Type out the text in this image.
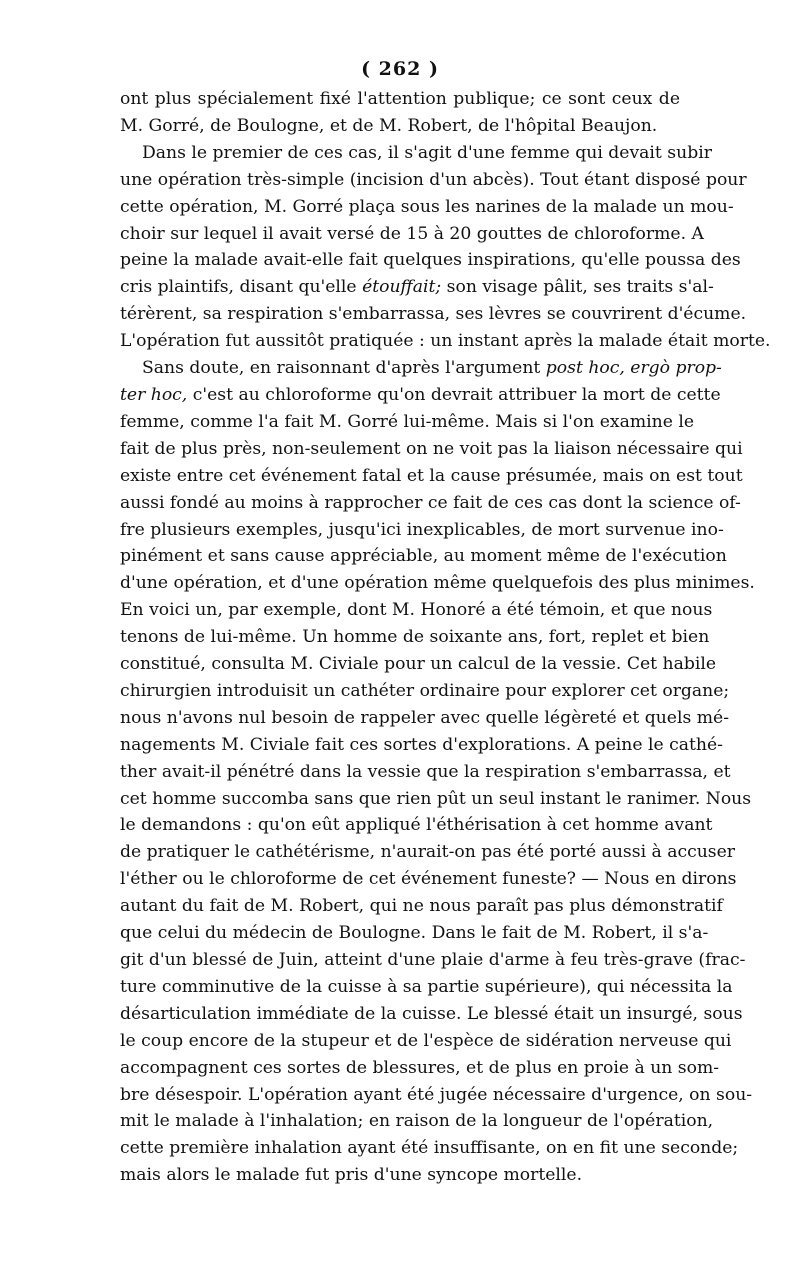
( 262 )
ont plus spécialement fixé l'attention publique; ce sont ceux de
M. Gorré, de Boulogne, et de M. Robert, de l'hôpital Beaujon.
Dans le premier de ces cas, il s'agit d'une femme qui devait subir
une opération très-simple (incision d'un abcès). Tout étant disposé pour
cette opération, M. Gorré plaça sous les narines de la malade un mou-
choir sur lequel il avait versé de 15 à 20 gouttes de chloroforme. A
peine la malade avait-elle fait quelques inspirations, qu'elle poussa des
cris plaintifs, disant qu'elle étouffait; son visage pâlit, ses traits s'al-
térèrent, sa respiration s'embarrassa, ses lèvres se couvrirent d'écume.
L'opération fut aussitôt pratiquée : un instant après la malade était morte.
Sans doute, en raisonnant d'après l'argument post hoc, ergò prop-
ter hoc, c'est au chloroforme qu'on devrait attribuer la mort de cette
femme, comme l'a fait M. Gorré lui-même. Mais si l'on examine le
fait de plus près, non-seulement on ne voit pas la liaison nécessaire qui
existe entre cet événement fatal et la cause présumée, mais on est tout
aussi fondé au moins à rapprocher ce fait de ces cas dont la science of-
fre plusieurs exemples, jusqu'ici inexplicables, de mort survenue ino-
pinément et sans cause appréciable, au moment même de l'exécution
d'une opération, et d'une opération même quelquefois des plus minimes.
En voici un, par exemple, dont M. Honoré a été témoin, et que nous
tenons de lui-même. Un homme de soixante ans, fort, replet et bien
constitué, consulta M. Civiale pour un calcul de la vessie. Cet habile
chirurgien introduisit un cathéter ordinaire pour explorer cet organe;
nous n'avons nul besoin de rappeler avec quelle légèreté et quels mé-
nagements M. Civiale fait ces sortes d'explorations. A peine le cathé-
ther avait-il pénétré dans la vessie que la respiration s'embarrassa, et
cet homme succomba sans que rien pût un seul instant le ranimer. Nous
le demandons : qu'on eût appliqué l'éthérisation à cet homme avant
de pratiquer le cathétérisme, n'aurait-on pas été porté aussi à accuser
l'éther ou le chloroforme de cet événement funeste? — Nous en dirons
autant du fait de M. Robert, qui ne nous paraît pas plus démonstratif
que celui du médecin de Boulogne. Dans le fait de M. Robert, il s'a-
git d'un blessé de Juin, atteint d'une plaie d'arme à feu très-grave (frac-
ture comminutive de la cuisse à sa partie supérieure), qui nécessita la
désarticulation immédiate de la cuisse. Le blessé était un insurgé, sous
le coup encore de la stupeur et de l'espèce de sidération nerveuse qui
accompagnent ces sortes de blessures, et de plus en proie à un som-
bre désespoir. L'opération ayant été jugée nécessaire d'urgence, on sou-
mit le malade à l'inhalation; en raison de la longueur de l'opération,
cette première inhalation ayant été insuffisante, on en fit une seconde;
mais alors le malade fut pris d'une syncope mortelle.
